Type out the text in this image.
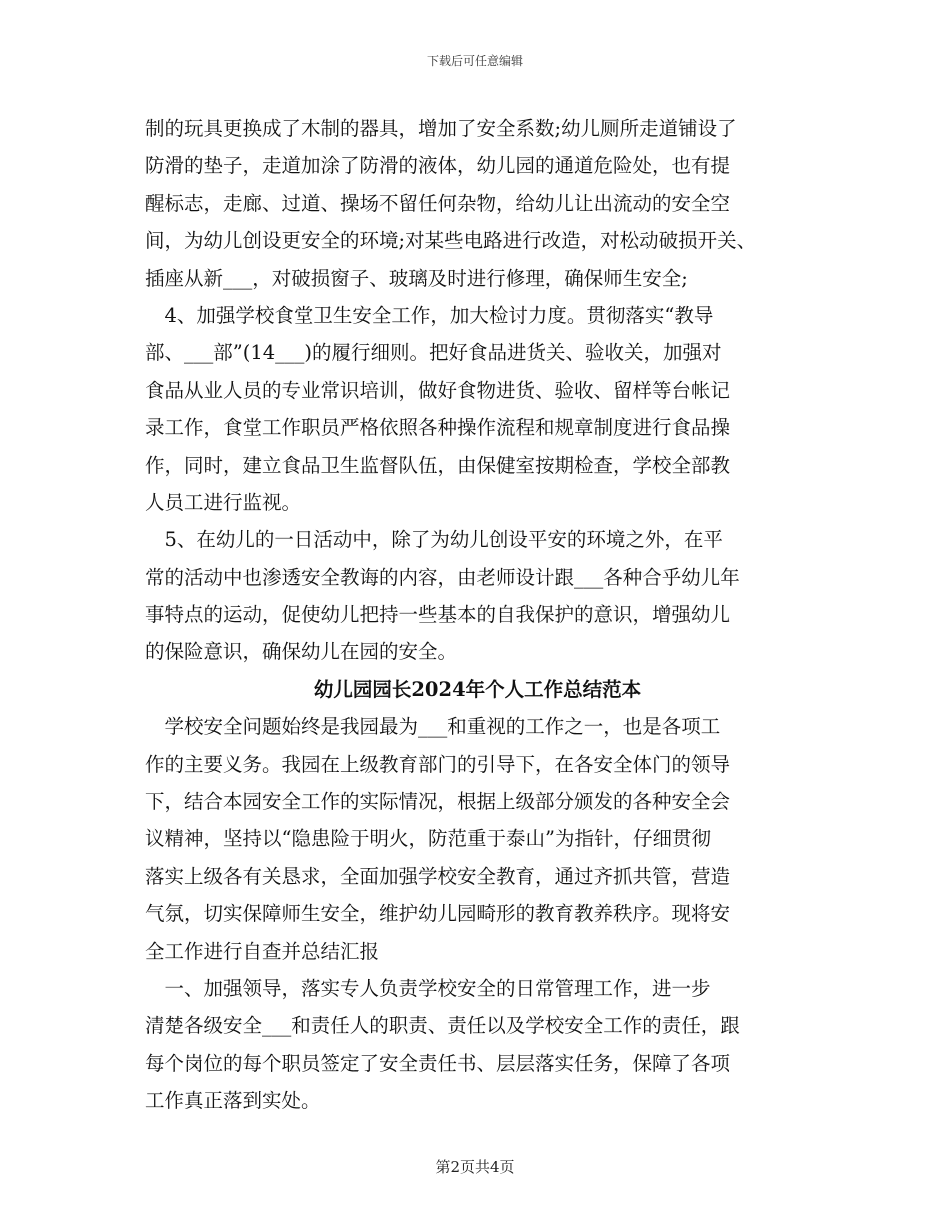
下载后可任意编辑
制的玩具更换成了木制的器具，增加了安全系数;幼儿厕所走道铺设了
防滑的垫子，走道加涂了防滑的液体，幼儿园的通道危险处，也有提
醒标志，走廊、过道、操场不留任何杂物，给幼儿让出流动的安全空
间，为幼儿创设更安全的环境;对某些电路进行改造，对松动破损开关、
插座从新___，对破损窗子、玻璃及时进行修理，确保师生安全;
　4、加强学校食堂卫生安全工作，加大检讨力度。贯彻落实“教导
部、___部”(14___)的履行细则。把好食品进货关、验收关，加强对
食品从业人员的专业常识培训，做好食物进货、验收、留样等台帐记
录工作，食堂工作职员严格依照各种操作流程和规章制度进行食品操
作，同时，建立食品卫生监督队伍，由保健室按期检查，学校全部教
人员工进行监视。
　5、在幼儿的一日活动中，除了为幼儿创设平安的环境之外，在平
常的活动中也渗透安全教诲的内容，由老师设计跟___各种合乎幼儿年
事特点的运动，促使幼儿把持一些基本的自我保护的意识，增强幼儿
的保险意识，确保幼儿在园的安全。
幼儿园园长2024年个人工作总结范本
　学校安全问题始终是我园最为___和重视的工作之一，也是各项工
作的主要义务。我园在上级教育部门的引导下，在各安全体门的领导
下，结合本园安全工作的实际情况，根据上级部分颁发的各种安全会
议精神，坚持以“隐患险于明火，防范重于泰山”为指针，仔细贯彻
落实上级各有关恳求，全面加强学校安全教育，通过齐抓共管，营造
气氛，切实保障师生安全，维护幼儿园畸形的教育教养秩序。现将安
全工作进行自查并总结汇报
　一、加强领导，落实专人负责学校安全的日常管理工作，进一步
清楚各级安全___和责任人的职责、责任以及学校安全工作的责任，跟
每个岗位的每个职员签定了安全责任书、层层落实任务，保障了各项
工作真正落到实处。
第2页共4页
